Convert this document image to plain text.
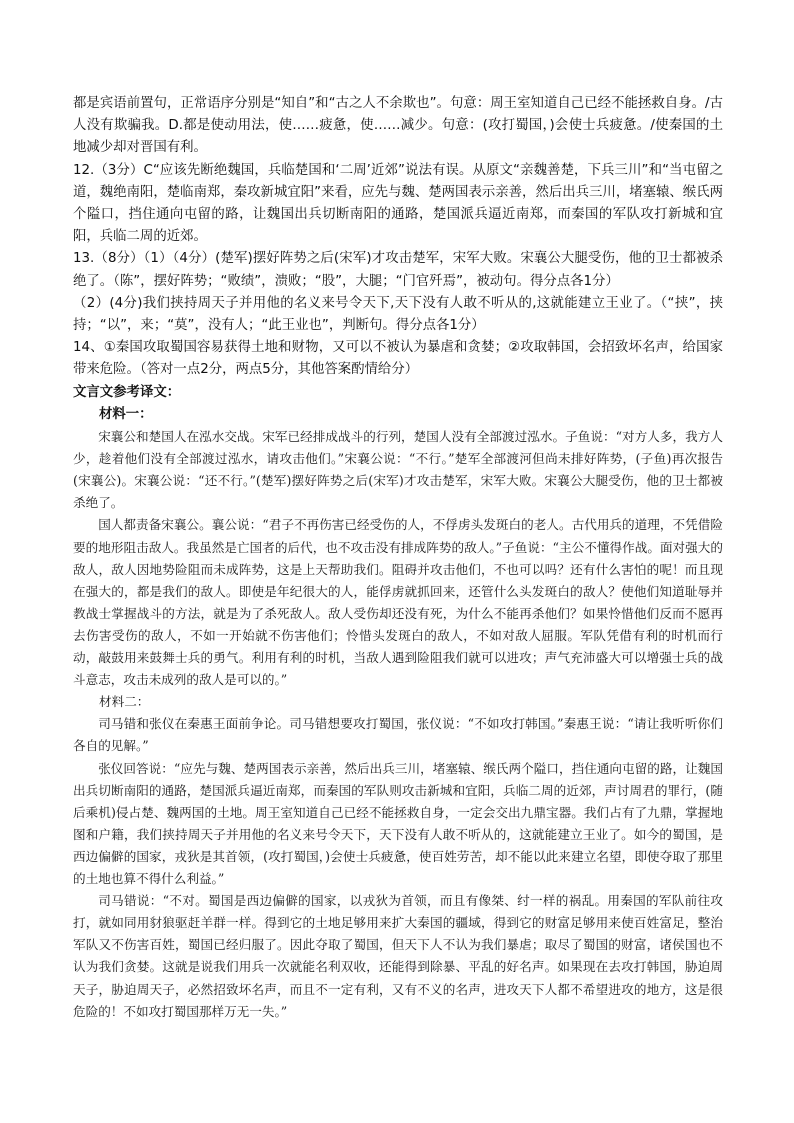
都是宾语前置句，正常语序分别是“知自”和“古之人不余欺也”。句意：周王室知道自己已经不能拯救自身。/古人没有欺骗我。D.都是使动用法，使……疲惫，使……减少。句意：(攻打蜀国，)会使士兵疲惫。/使秦国的土地减少却对晋国有利。

12.（3分）C“应该先断绝魏国，兵临楚国和‘二周’近郊”说法有误。从原文“亲魏善楚，下兵三川”和“当屯留之道，魏绝南阳，楚临南郑，秦攻新城宜阳”来看，应先与魏、楚两国表示亲善，然后出兵三川，堵塞辕、缑氏两个隘口，挡住通向屯留的路，让魏国出兵切断南阳的通路，楚国派兵逼近南郑，而秦国的军队攻打新城和宜阳，兵临二周的近郊。

13.（8分）（1）（4分）(楚军)摆好阵势之后(宋军)才攻击楚军，宋军大败。宋襄公大腿受伤，他的卫士都被杀绝了。（陈”，摆好阵势；“败绩”，溃败；“股”，大腿；“门官歼焉”，被动句。得分点各1分）

（2）(4分)我们挟持周天子并用他的名义来号令天下,天下没有人敢不听从的,这就能建立王业了。（“挟”，挟持；“以”，来；“莫”，没有人；“此王业也”，判断句。得分点各1分）

14、①秦国攻取蜀国容易获得土地和财物，又可以不被认为暴虐和贪婪；②攻取韩国，会招致坏名声，给国家带来危险。（答对一点2分，两点5分，其他答案酌情给分）

文言文参考译文：

材料一：

宋襄公和楚国人在泓水交战。宋军已经排成战斗的行列，楚国人没有全部渡过泓水。子鱼说：“对方人多，我方人少，趁着他们没有全部渡过泓水，请攻击他们。”宋襄公说：“不行。”楚军全部渡河但尚未排好阵势，(子鱼)再次报告(宋襄公)。宋襄公说：“还不行。”(楚军)摆好阵势之后(宋军)才攻击楚军，宋军大败。宋襄公大腿受伤，他的卫士都被杀绝了。

国人都责备宋襄公。襄公说：“君子不再伤害已经受伤的人，不俘虏头发斑白的老人。古代用兵的道理，不凭借险要的地形阻击敌人。我虽然是亡国者的后代，也不攻击没有排成阵势的敌人。”子鱼说：“主公不懂得作战。面对强大的敌人，敌人因地势险阻而未成阵势，这是上天帮助我们。阻碍并攻击他们，不也可以吗？还有什么害怕的呢！而且现在强大的，都是我们的敌人。即使是年纪很大的人，能俘虏就抓回来，还管什么头发斑白的敌人？使他们知道耻辱并教战士掌握战斗的方法，就是为了杀死敌人。敌人受伤却还没有死，为什么不能再杀他们？如果怜惜他们反而不愿再去伤害受伤的敌人，不如一开始就不伤害他们；怜惜头发斑白的敌人，不如对敌人屈服。军队凭借有利的时机而行动，敲鼓用来鼓舞士兵的勇气。利用有利的时机，当敌人遇到险阻我们就可以进攻；声气充沛盛大可以增强士兵的战斗意志，攻击未成列的敌人是可以的。”

材料二：

司马错和张仪在秦惠王面前争论。司马错想要攻打蜀国，张仪说：“不如攻打韩国。”秦惠王说：“请让我听听你们各自的见解。”

张仪回答说：“应先与魏、楚两国表示亲善，然后出兵三川，堵塞辕、缑氏两个隘口，挡住通向屯留的路，让魏国出兵切断南阳的通路，楚国派兵逼近南郑，而秦国的军队则攻击新城和宜阳，兵临二周的近郊，声讨周君的罪行，(随后乘机)侵占楚、魏两国的土地。周王室知道自己已经不能拯救自身，一定会交出九鼎宝器。我们占有了九鼎，掌握地图和户籍，我们挟持周天子并用他的名义来号令天下，天下没有人敢不听从的，这就能建立王业了。如今的蜀国，是西边偏僻的国家，戎狄是其首领，(攻打蜀国，)会使士兵疲惫，使百姓劳苦，却不能以此来建立名望，即使夺取了那里的土地也算不得什么利益。”

司马错说：“不对。蜀国是西边偏僻的国家，以戎狄为首领，而且有像桀、纣一样的祸乱。用秦国的军队前往攻打，就如同用豺狼驱赶羊群一样。得到它的土地足够用来扩大秦国的疆域，得到它的财富足够用来使百姓富足，整治军队又不伤害百姓，蜀国已经归服了。因此夺取了蜀国，但天下人不认为我们暴虐；取尽了蜀国的财富，诸侯国也不认为我们贪婪。这就是说我们用兵一次就能名利双收，还能得到除暴、平乱的好名声。如果现在去攻打韩国，胁迫周天子，胁迫周天子，必然招致坏名声，而且不一定有利，又有不义的名声，进攻天下人都不希望进攻的地方，这是很危险的！不如攻打蜀国那样万无一失。”
